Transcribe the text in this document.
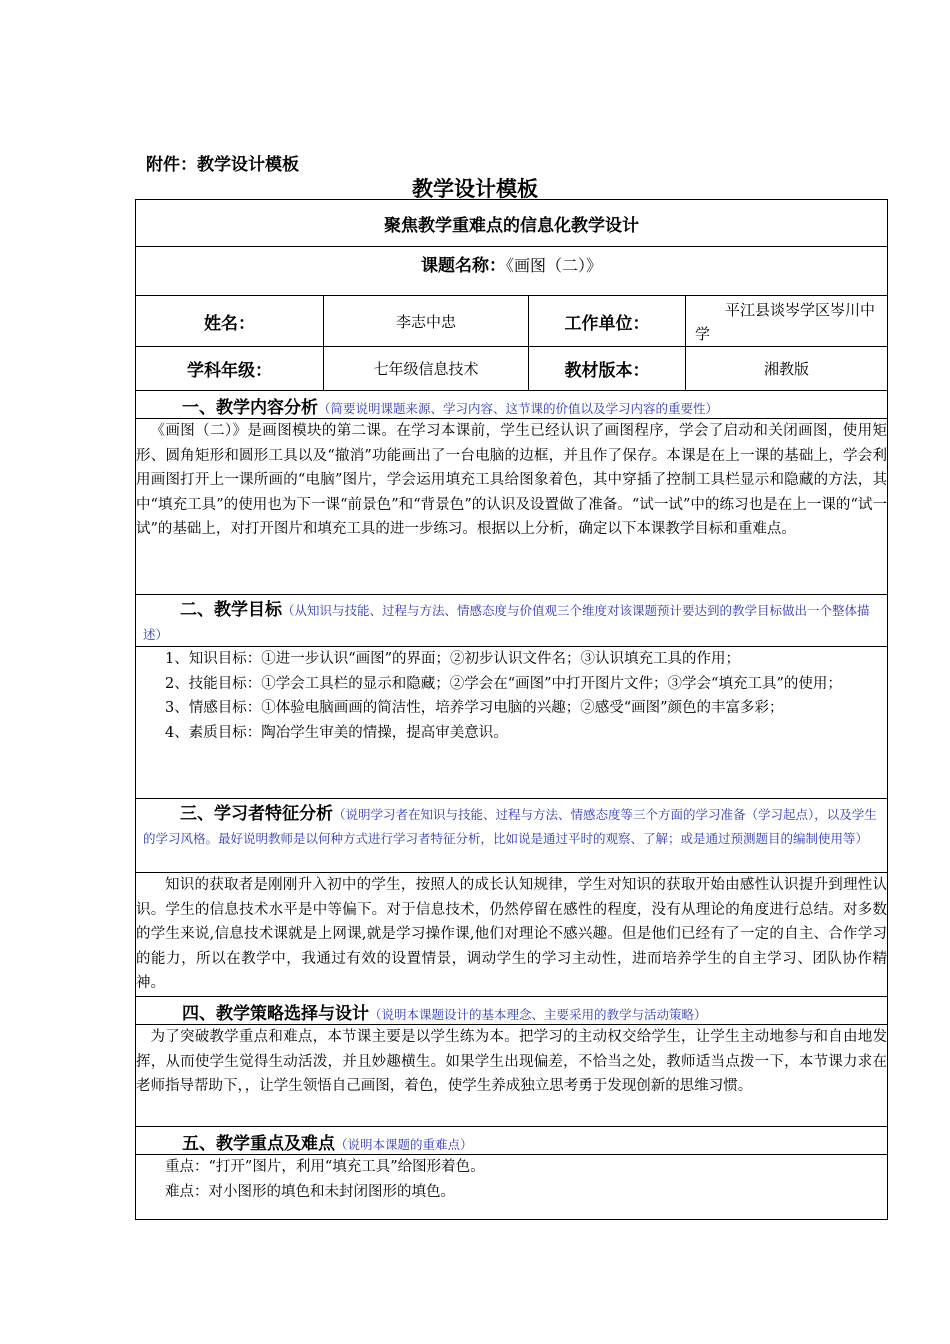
附件：教学设计模板
教学设计模板
聚焦教学重难点的信息化教学设计			
课题名称：《画图（二）》			
姓名：	李志中忠	工作单位：	平江县谈岑学区岑川中学
学科年级：	七年级信息技术	教材版本：	湘教版
一、教学内容分析（简要说明课题来源、学习内容、这节课的价值以及学习内容的重要性）			

《画图（二）》是画图模块的第二课。在学习本课前，学生已经认识了画图程序，学会了启动和关闭画图，使用矩形、圆角矩形和圆形工具以及“撤消”功能画出了一台电脑的边框，并且作了保存。本课是在上一课的基础上，学会利用画图打开上一课所画的“电脑”图片，学会运用填充工具给图象着色，其中穿插了控制工具栏显示和隐藏的方法，其中“填充工具”的使用也为下一课“前景色”和“背景色”的认识及设置做了准备。“试一试”中的练习也是在上一课的“试一试”的基础上，对打开图片和填充工具的进一步练习。根据以上分析，确定以下本课教学目标和重难点。			

二、教学目标（从知识与技能、过程与方法、情感态度与价值观三个维度对该课题预计要达到的教学目标做出一个整体描述）			

1、知识目标：①进一步认识“画图”的界面；②初步认识文件名；③认识填充工具的作用；

2、技能目标：①学会工具栏的显示和隐藏；②学会在“画图”中打开图片文件；③学会“填充工具”的使用；

3、情感目标：①体验电脑画画的简洁性，培养学习电脑的兴趣；②感受“画图”颜色的丰富多彩；

4、素质目标：陶冶学生审美的情操，提高审美意识。			

三、学习者特征分析（说明学习者在知识与技能、过程与方法、情感态度等三个方面的学习准备（学习起点），以及学生的学习风格。最好说明教师是以何种方式进行学习者特征分析，比如说是通过平时的观察、了解；或是通过预测题目的编制使用等）			

知识的获取者是刚刚升入初中的学生，按照人的成长认知规律，学生对知识的获取开始由感性认识提升到理性认识。学生的信息技术水平是中等偏下。对于信息技术，仍然停留在感性的程度，没有从理论的角度进行总结。对多数的学生来说,信息技术课就是上网课,就是学习操作课,他们对理论不感兴趣。但是他们已经有了一定的自主、合作学习的能力，所以在教学中，我通过有效的设置情景，调动学生的学习主动性，进而培养学生的自主学习、团队协作精神。			

四、教学策略选择与设计（说明本课题设计的基本理念、主要采用的教学与活动策略）			

为了突破教学重点和难点，本节课主要是以学生练为本。把学习的主动权交给学生，让学生主动地参与和自由地发挥，从而使学生觉得生动活泼，并且妙趣横生。如果学生出现偏差，不恰当之处，教师适当点拨一下，本节课力求在老师指导帮助下，，让学生领悟自己画图，着色，使学生养成独立思考勇于发现创新的思维习惯。			

五、教学重点及难点（说明本课题的重难点）			

重点：“打开”图片，利用“填充工具”给图形着色。

难点：对小图形的填色和未封闭图形的填色。			
